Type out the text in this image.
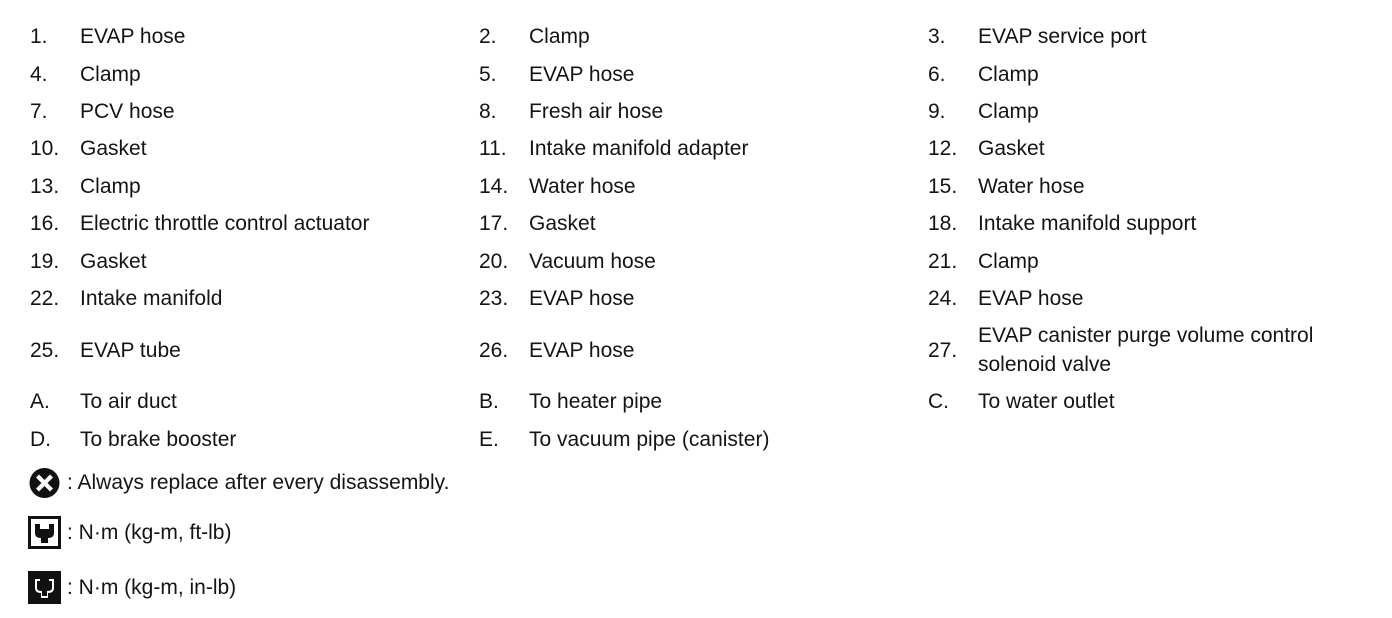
1.	EVAP hose	2.	Clamp	3.	EVAP service port
4.	Clamp	5.	EVAP hose	6.	Clamp
7.	PCV hose	8.	Fresh air hose	9.	Clamp
10. Gasket	11.	Intake manifold adapter	12. Gasket
13. Clamp	14. Water hose	15. Water hose
16. Electric throttle control actuator	17. Gasket	18. Intake manifold support
19. Gasket	20. Vacuum hose	21. Clamp
22. Intake manifold	23. EVAP hose	24. EVAP hose
25. EVAP tube	26. EVAP hose	27.
EVAP canister purge volume control solenoid valve
A.	To air duct	B.	To heater pipe	C.	To water outlet
D.	To brake booster	E.	To vacuum pipe (canister)
: Always replace after every disassembly.
: N·m (kg-m, ft-lb)
: N·m (kg-m, in-lb)
